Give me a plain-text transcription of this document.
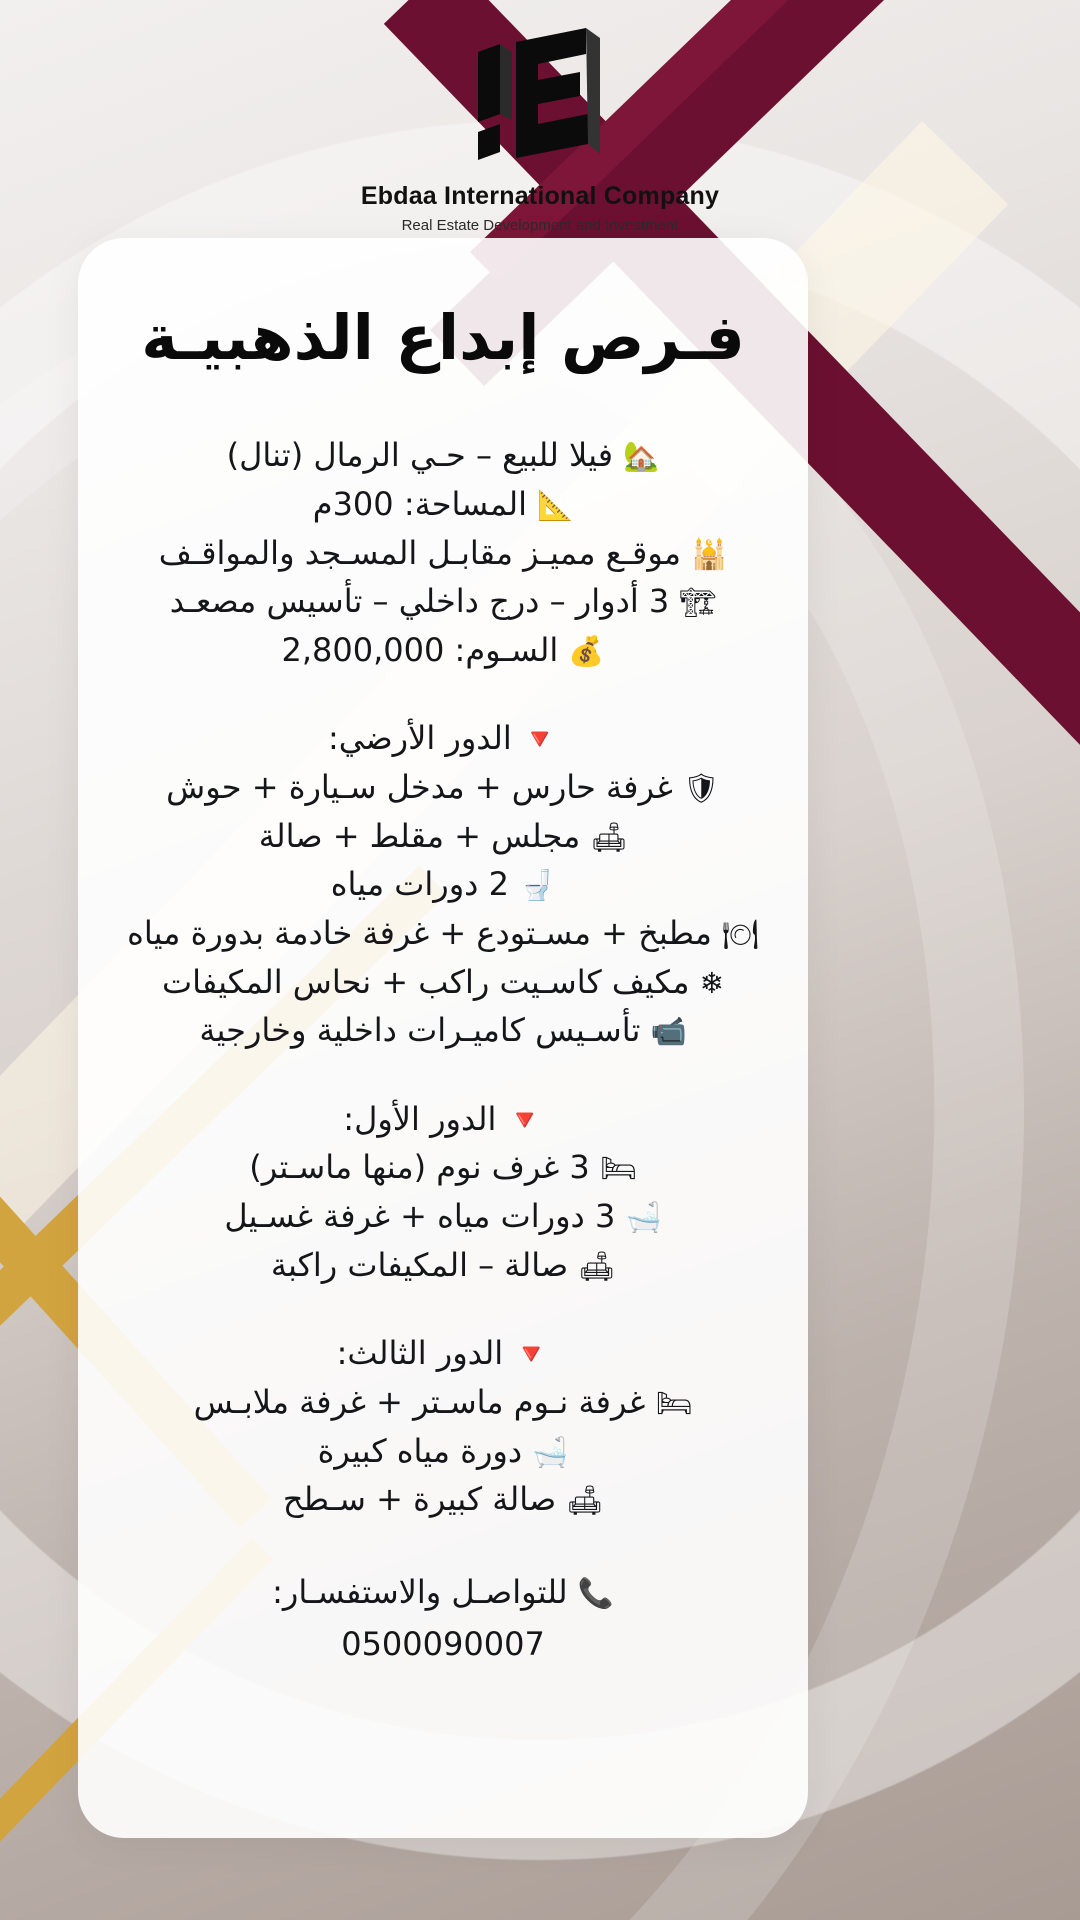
Ebdaa International Company
Real Estate Development and Investment
فـرص إبداع الذهبيـة
🏡 فيلا للبيع – حـي الرمال (تنال)
📐 المساحة: 300م
🕌 موقـع مميـز مقابـل المسـجد والمواقـف
🏗 3 أدوار – درج داخلي – تأسيس مصعـد
💰 السـوم: 2,800,000
🔻 الدور الأرضي:
🛡 غرفة حارس + مدخل سـيارة + حوش
🛋 مجلس + مقلط + صالة
🚽 2 دورات مياه
🍽 مطبخ + مسـتودع + غرفة خادمة بدورة مياه
❄ مكيف كاسـيت راكب + نحاس المكيفات
📹 تأسـيس كاميـرات داخلية وخارجية
🔻 الدور الأول:
🛏 3 غرف نوم (منها ماسـتر)
🛁 3 دورات مياه + غرفة غسـيل
🛋 صالة – المكيفات راكبة
🔻 الدور الثالث:
🛏 غرفة نـوم ماسـتر + غرفة ملابـس
🛁 دورة مياه كبيرة
🛋 صالة كبيرة + سـطح
📞 للتواصـل والاستفسـار:
0500090007
